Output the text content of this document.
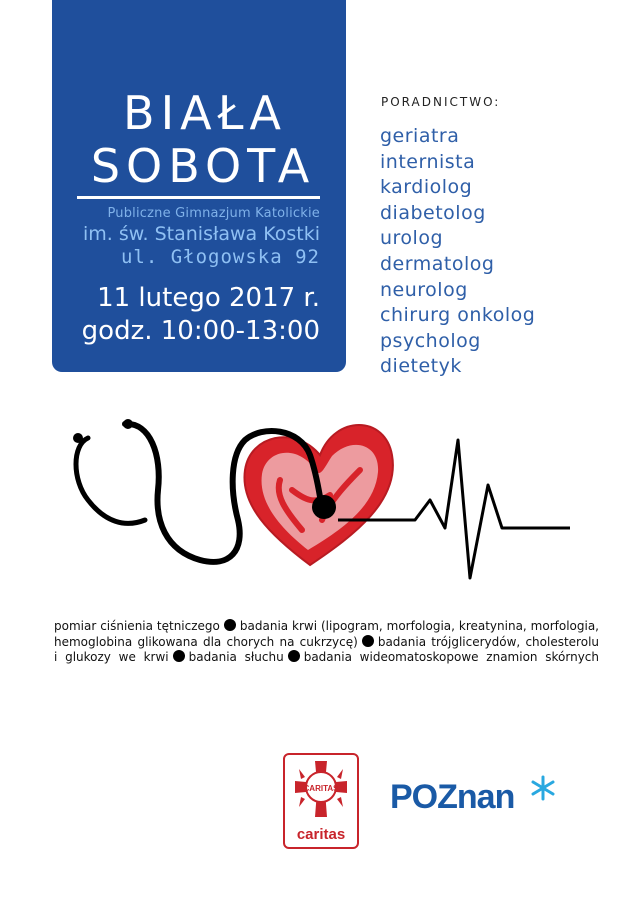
BIAŁA
SOBOTA
Publiczne Gimnazjum Katolickie
im. św. Stanisława Kostki
ul. Głogowska 92
11 lutego 2017 r.
godz. 10:00-13:00
PORADNICTWO:
geriatra
internista
kardiolog
diabetolog
urolog
dermatolog
neurolog
chirurg onkolog
psycholog
dietetyk
pomiar ciśnienia tętniczego badania krwi (lipogram, morfologia, kreatynina, morfologia,
hemoglobina glikowana dla chorych na cukrzycę) badania trójglicerydów, cholesterolu
i glukozy we krwi badania słuchu badania wideomatoskopowe znamion skórnych
CARITAS
caritas
POZnan
